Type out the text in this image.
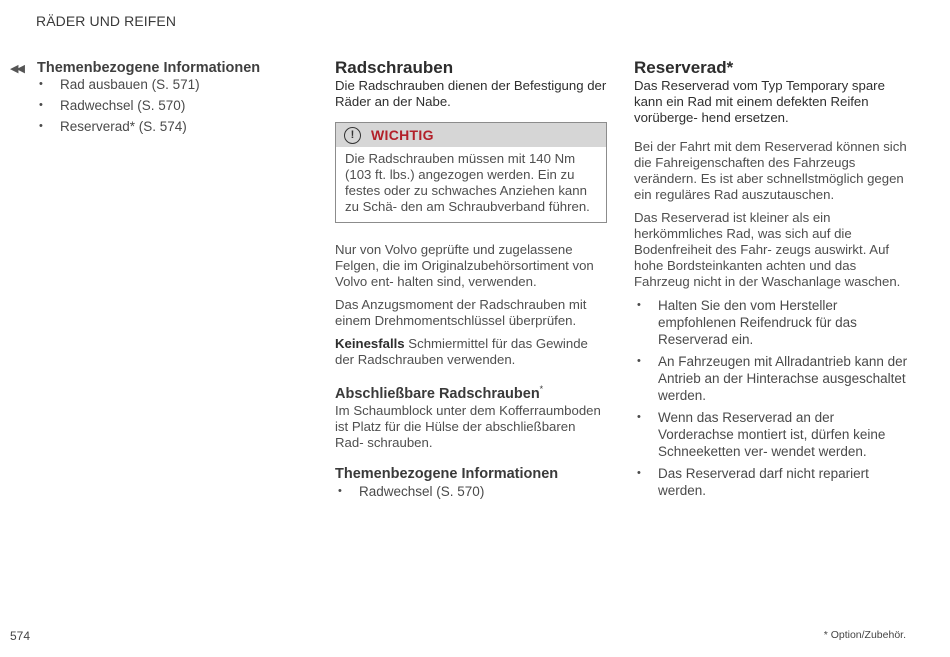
RÄDER UND REIFEN
◀◀ Themenbezogene Informationen
• Rad ausbauen (S. 571)
• Radwechsel (S. 570)
• Reserverad* (S. 574)
Radschrauben

Die Radschrauben dienen der Befestigung der Räder an der Nabe.

!	WICHTIG

Die Radschrauben müssen mit 140 Nm (103 ft. lbs.) angezogen werden. Ein zu festes oder zu schwaches Anziehen kann zu Schä- den am Schraubverband führen.

Nur von Volvo geprüfte und zugelassene Felgen, die im Originalzubehörsortiment von Volvo ent- halten sind, verwenden.

Das Anzugsmoment der Radschrauben mit einem Drehmomentschlüssel überprüfen.

Keinesfalls Schmiermittel für das Gewinde der Radschrauben verwenden.

Abschließbare Radschrauben*

Im Schaumblock unter dem Kofferraumboden ist Platz für die Hülse der abschließbaren Rad- schrauben.

Themenbezogene Informationen
• Radwechsel (S. 570)
Reserverad*

Das Reserverad vom Typ Temporary spare kann ein Rad mit einem defekten Reifen vorüberge- hend ersetzen.

Bei der Fahrt mit dem Reserverad können sich die Fahreigenschaften des Fahrzeugs verändern. Es ist aber schnellstmöglich gegen ein reguläres Rad auszutauschen.

Das Reserverad ist kleiner als ein herkömmliches Rad, was sich auf die Bodenfreiheit des Fahr- zeugs auswirkt. Auf hohe Bordsteinkanten achten und das Fahrzeug nicht in der Waschanlage waschen.

• Halten Sie den vom Hersteller empfohlenen Reifendruck für das Reserverad ein.
• An Fahrzeugen mit Allradantrieb kann der Antrieb an der Hinterachse ausgeschaltet werden.
• Wenn das Reserverad an der Vorderachse montiert ist, dürfen keine Schneeketten ver- wendet werden.
• Das Reserverad darf nicht repariert werden.
574	* Option/Zubehör.
